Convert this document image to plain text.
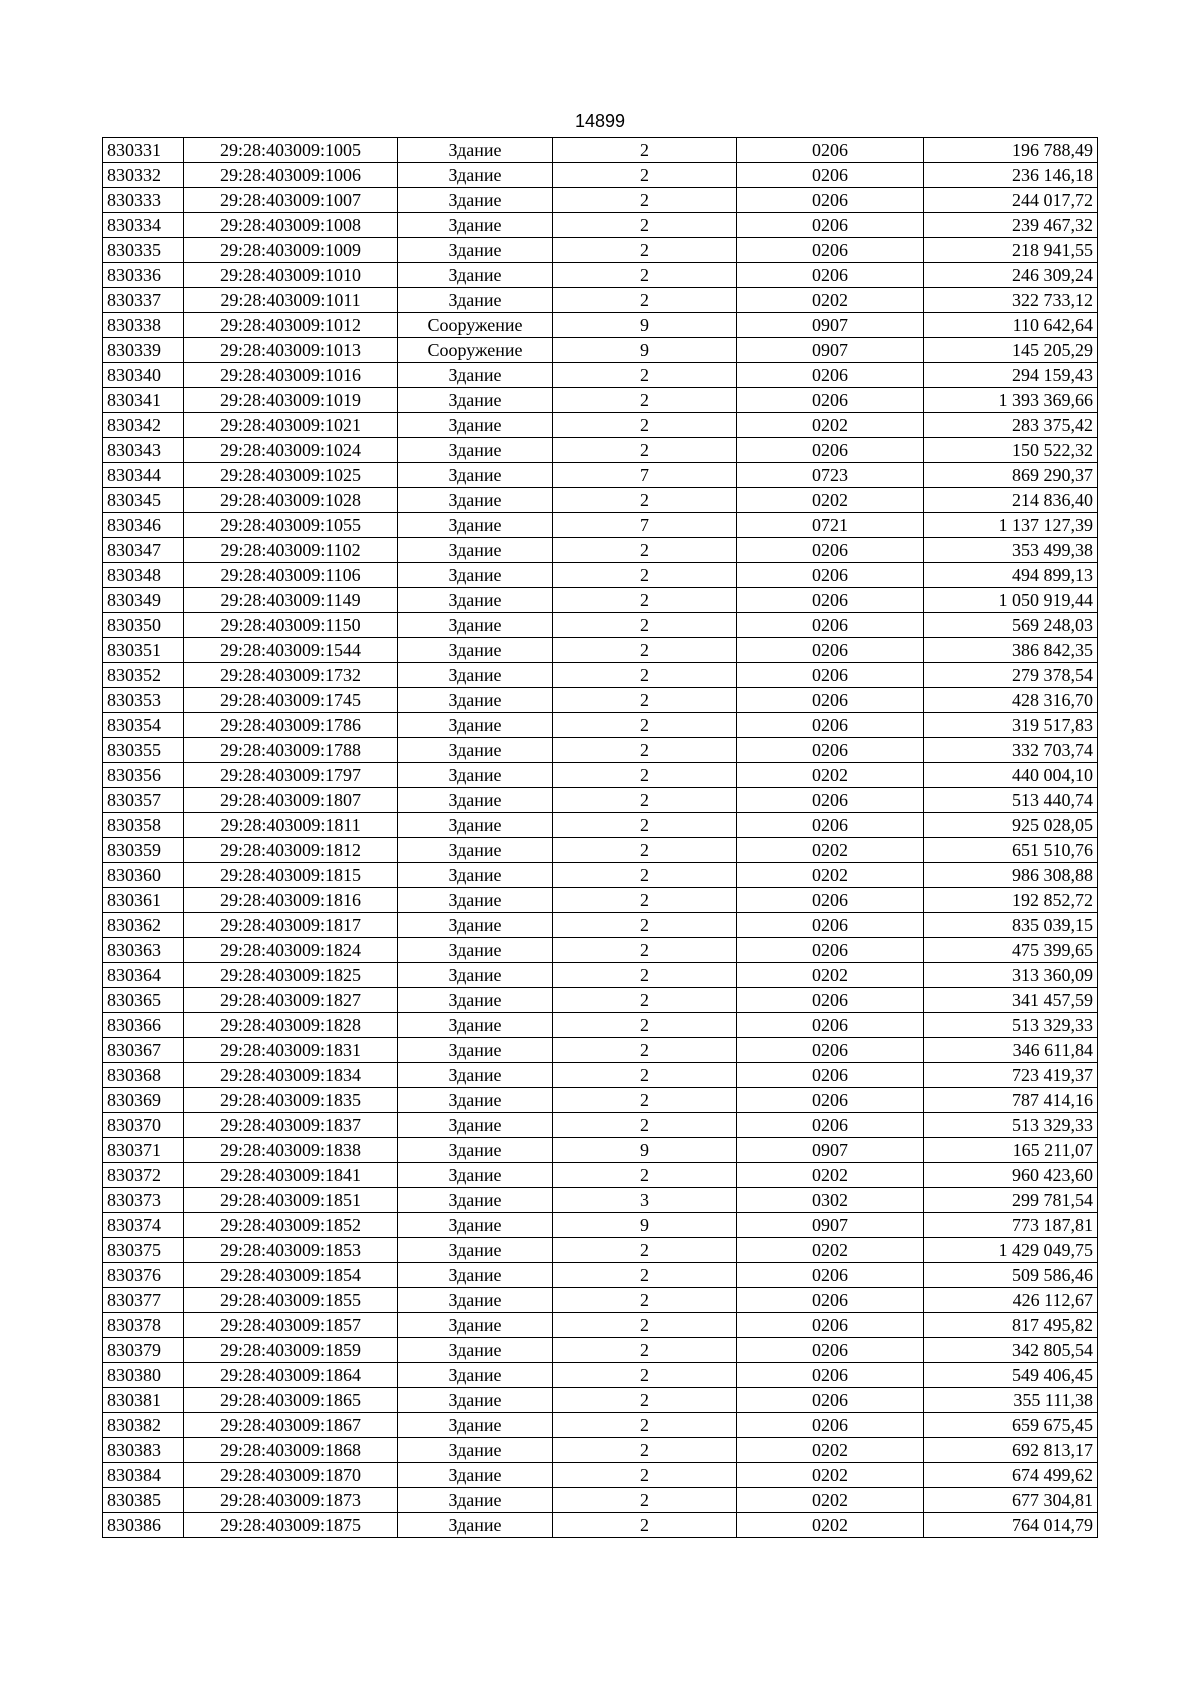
14899
830331	29:28:403009:1005	Здание	2	0206	196 788,49
830332	29:28:403009:1006	Здание	2	0206	236 146,18
830333	29:28:403009:1007	Здание	2	0206	244 017,72
830334	29:28:403009:1008	Здание	2	0206	239 467,32
830335	29:28:403009:1009	Здание	2	0206	218 941,55
830336	29:28:403009:1010	Здание	2	0206	246 309,24
830337	29:28:403009:1011	Здание	2	0202	322 733,12
830338	29:28:403009:1012	Сооружение	9	0907	110 642,64
830339	29:28:403009:1013	Сооружение	9	0907	145 205,29
830340	29:28:403009:1016	Здание	2	0206	294 159,43
830341	29:28:403009:1019	Здание	2	0206	1 393 369,66
830342	29:28:403009:1021	Здание	2	0202	283 375,42
830343	29:28:403009:1024	Здание	2	0206	150 522,32
830344	29:28:403009:1025	Здание	7	0723	869 290,37
830345	29:28:403009:1028	Здание	2	0202	214 836,40
830346	29:28:403009:1055	Здание	7	0721	1 137 127,39
830347	29:28:403009:1102	Здание	2	0206	353 499,38
830348	29:28:403009:1106	Здание	2	0206	494 899,13
830349	29:28:403009:1149	Здание	2	0206	1 050 919,44
830350	29:28:403009:1150	Здание	2	0206	569 248,03
830351	29:28:403009:1544	Здание	2	0206	386 842,35
830352	29:28:403009:1732	Здание	2	0206	279 378,54
830353	29:28:403009:1745	Здание	2	0206	428 316,70
830354	29:28:403009:1786	Здание	2	0206	319 517,83
830355	29:28:403009:1788	Здание	2	0206	332 703,74
830356	29:28:403009:1797	Здание	2	0202	440 004,10
830357	29:28:403009:1807	Здание	2	0206	513 440,74
830358	29:28:403009:1811	Здание	2	0206	925 028,05
830359	29:28:403009:1812	Здание	2	0202	651 510,76
830360	29:28:403009:1815	Здание	2	0202	986 308,88
830361	29:28:403009:1816	Здание	2	0206	192 852,72
830362	29:28:403009:1817	Здание	2	0206	835 039,15
830363	29:28:403009:1824	Здание	2	0206	475 399,65
830364	29:28:403009:1825	Здание	2	0202	313 360,09
830365	29:28:403009:1827	Здание	2	0206	341 457,59
830366	29:28:403009:1828	Здание	2	0206	513 329,33
830367	29:28:403009:1831	Здание	2	0206	346 611,84
830368	29:28:403009:1834	Здание	2	0206	723 419,37
830369	29:28:403009:1835	Здание	2	0206	787 414,16
830370	29:28:403009:1837	Здание	2	0206	513 329,33
830371	29:28:403009:1838	Здание	9	0907	165 211,07
830372	29:28:403009:1841	Здание	2	0202	960 423,60
830373	29:28:403009:1851	Здание	3	0302	299 781,54
830374	29:28:403009:1852	Здание	9	0907	773 187,81
830375	29:28:403009:1853	Здание	2	0202	1 429 049,75
830376	29:28:403009:1854	Здание	2	0206	509 586,46
830377	29:28:403009:1855	Здание	2	0206	426 112,67
830378	29:28:403009:1857	Здание	2	0206	817 495,82
830379	29:28:403009:1859	Здание	2	0206	342 805,54
830380	29:28:403009:1864	Здание	2	0206	549 406,45
830381	29:28:403009:1865	Здание	2	0206	355 111,38
830382	29:28:403009:1867	Здание	2	0206	659 675,45
830383	29:28:403009:1868	Здание	2	0202	692 813,17
830384	29:28:403009:1870	Здание	2	0202	674 499,62
830385	29:28:403009:1873	Здание	2	0202	677 304,81
830386	29:28:403009:1875	Здание	2	0202	764 014,79
